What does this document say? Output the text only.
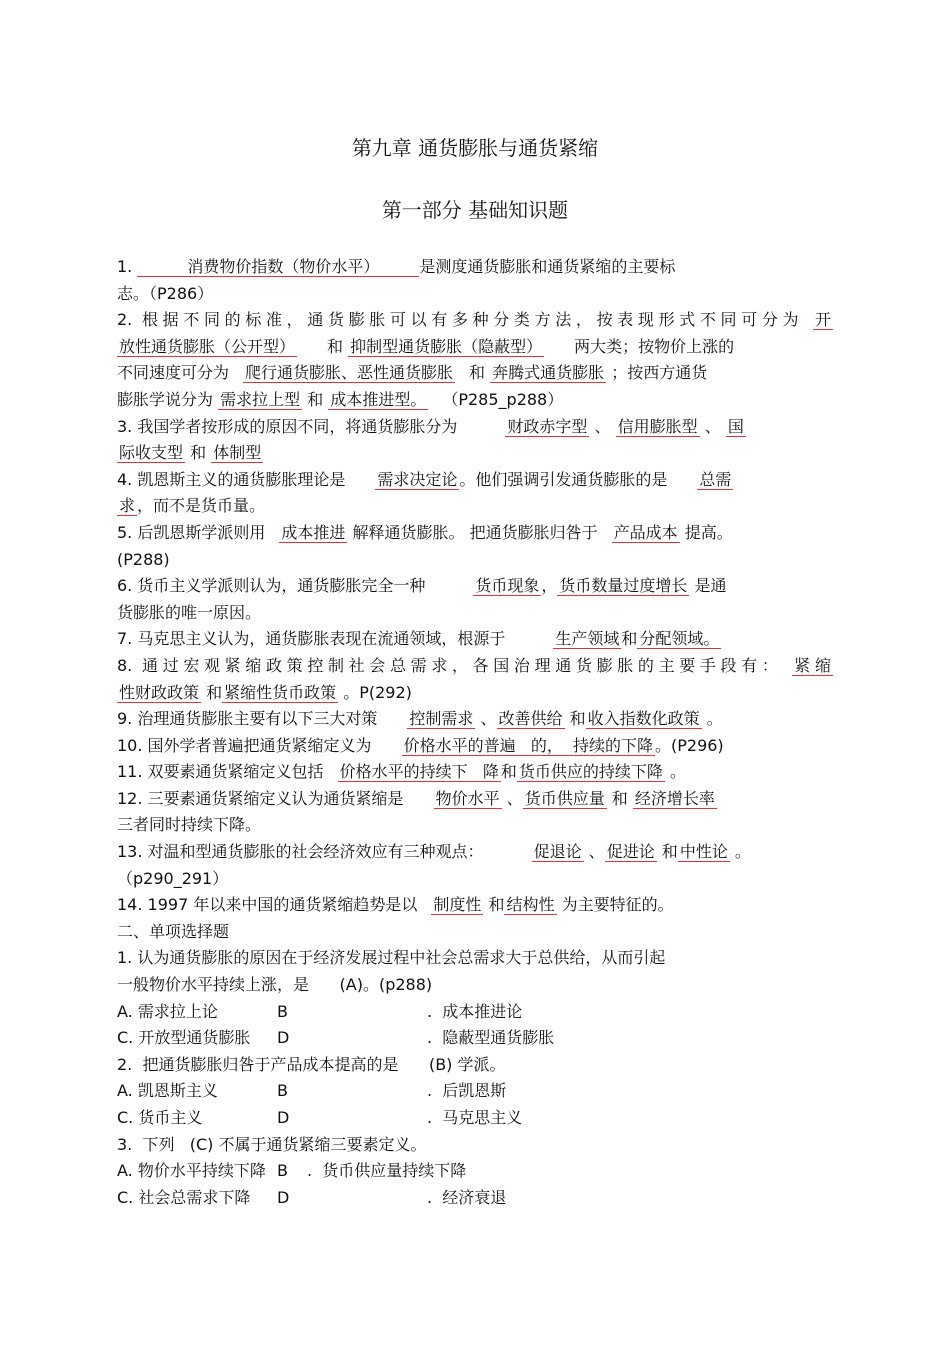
第九章 通货膨胀与通货紧缩
第一部分 基础知识题
1.	消费物价指数（物价水平）	是测度通货膨胀和通货紧缩的主要标
志。（P286）
2. 根据不同的标准，通货膨胀可以有多种分类方法，按表现形式不同可分为 开
放性通货膨胀（公开型） 和 抑制型通货膨胀（隐蔽型） 两大类；按物价上涨的
不同速度可分为 爬行通货膨胀、恶性通货膨胀 和 奔腾式通货膨胀 ；按西方通货
膨胀学说分为 需求拉上型 和 成本推进型。 （P285_p288）
3. 我国学者按形成的原因不同，将通货膨胀分为	财政赤字型 、 信用膨胀型 、 国
际收支型 和 体制型
4. 凯恩斯主义的通货膨胀理论是 需求决定论 。他们强调引发通货膨胀的是 总需
求 ，而不是货币量。
5. 后凯恩斯学派则用 成本推进 解释通货膨胀。 把通货膨胀归咎于 产品成本 提高。
(P288)
6. 货币主义学派则认为，通货膨胀完全一种	货币现象 ， 货币数量过度增长 是通
货膨胀的唯一原因。
7. 马克思主义认为，通货膨胀表现在流通领域，根源于	生产领域 和 分配领域。
8. 通过宏观紧缩政策控制社会总需求，各国治理通货膨胀的主要手段有： 紧缩
性财政政策 和 紧缩性货币政策 。P(292)
9. 治理通货膨胀主要有以下三大对策 控制需求 、 改善供给 和 收入指数化政策 。
10. 国外学者普遍把通货紧缩定义为 价格水平的普遍   的，  持续的下降 。(P296)
11. 双要素通货紧缩定义包括 价格水平的持续下   降 和 货币供应的持续下降 。
12. 三要素通货紧缩定义认为通货紧缩是 物价水平 、 货币供应量 和 经济增长率
三者同时持续下降。
13. 对温和型通货膨胀的社会经济效应有三种观点：	促退论 、 促进论 和 中性论 。
（p290_291）
14. 1997 年以来中国的通货紧缩趋势是以 制度性 和 结构性 为主要特征的。
二、单项选择题
1. 认为通货膨胀的原因在于经济发展过程中社会总需求大于总供给，从而引起
一般物价水平持续上涨，是      (A)。(p288)
A. 需求拉上论	B	.  成本推进论
C. 开放型通货膨胀 D	.  隐蔽型通货膨胀
2.  把通货膨胀归咎于产品成本提高的是      (B) 学派。
A. 凯恩斯主义	B	.  后凯恩斯
C. 货币主义	D	.  马克思主义
3.  下列   (C) 不属于通货紧缩三要素定义。
A. 物价水平持续下降 B .  货币供应量持续下降
C. 社会总需求下降 D	.  经济衰退
